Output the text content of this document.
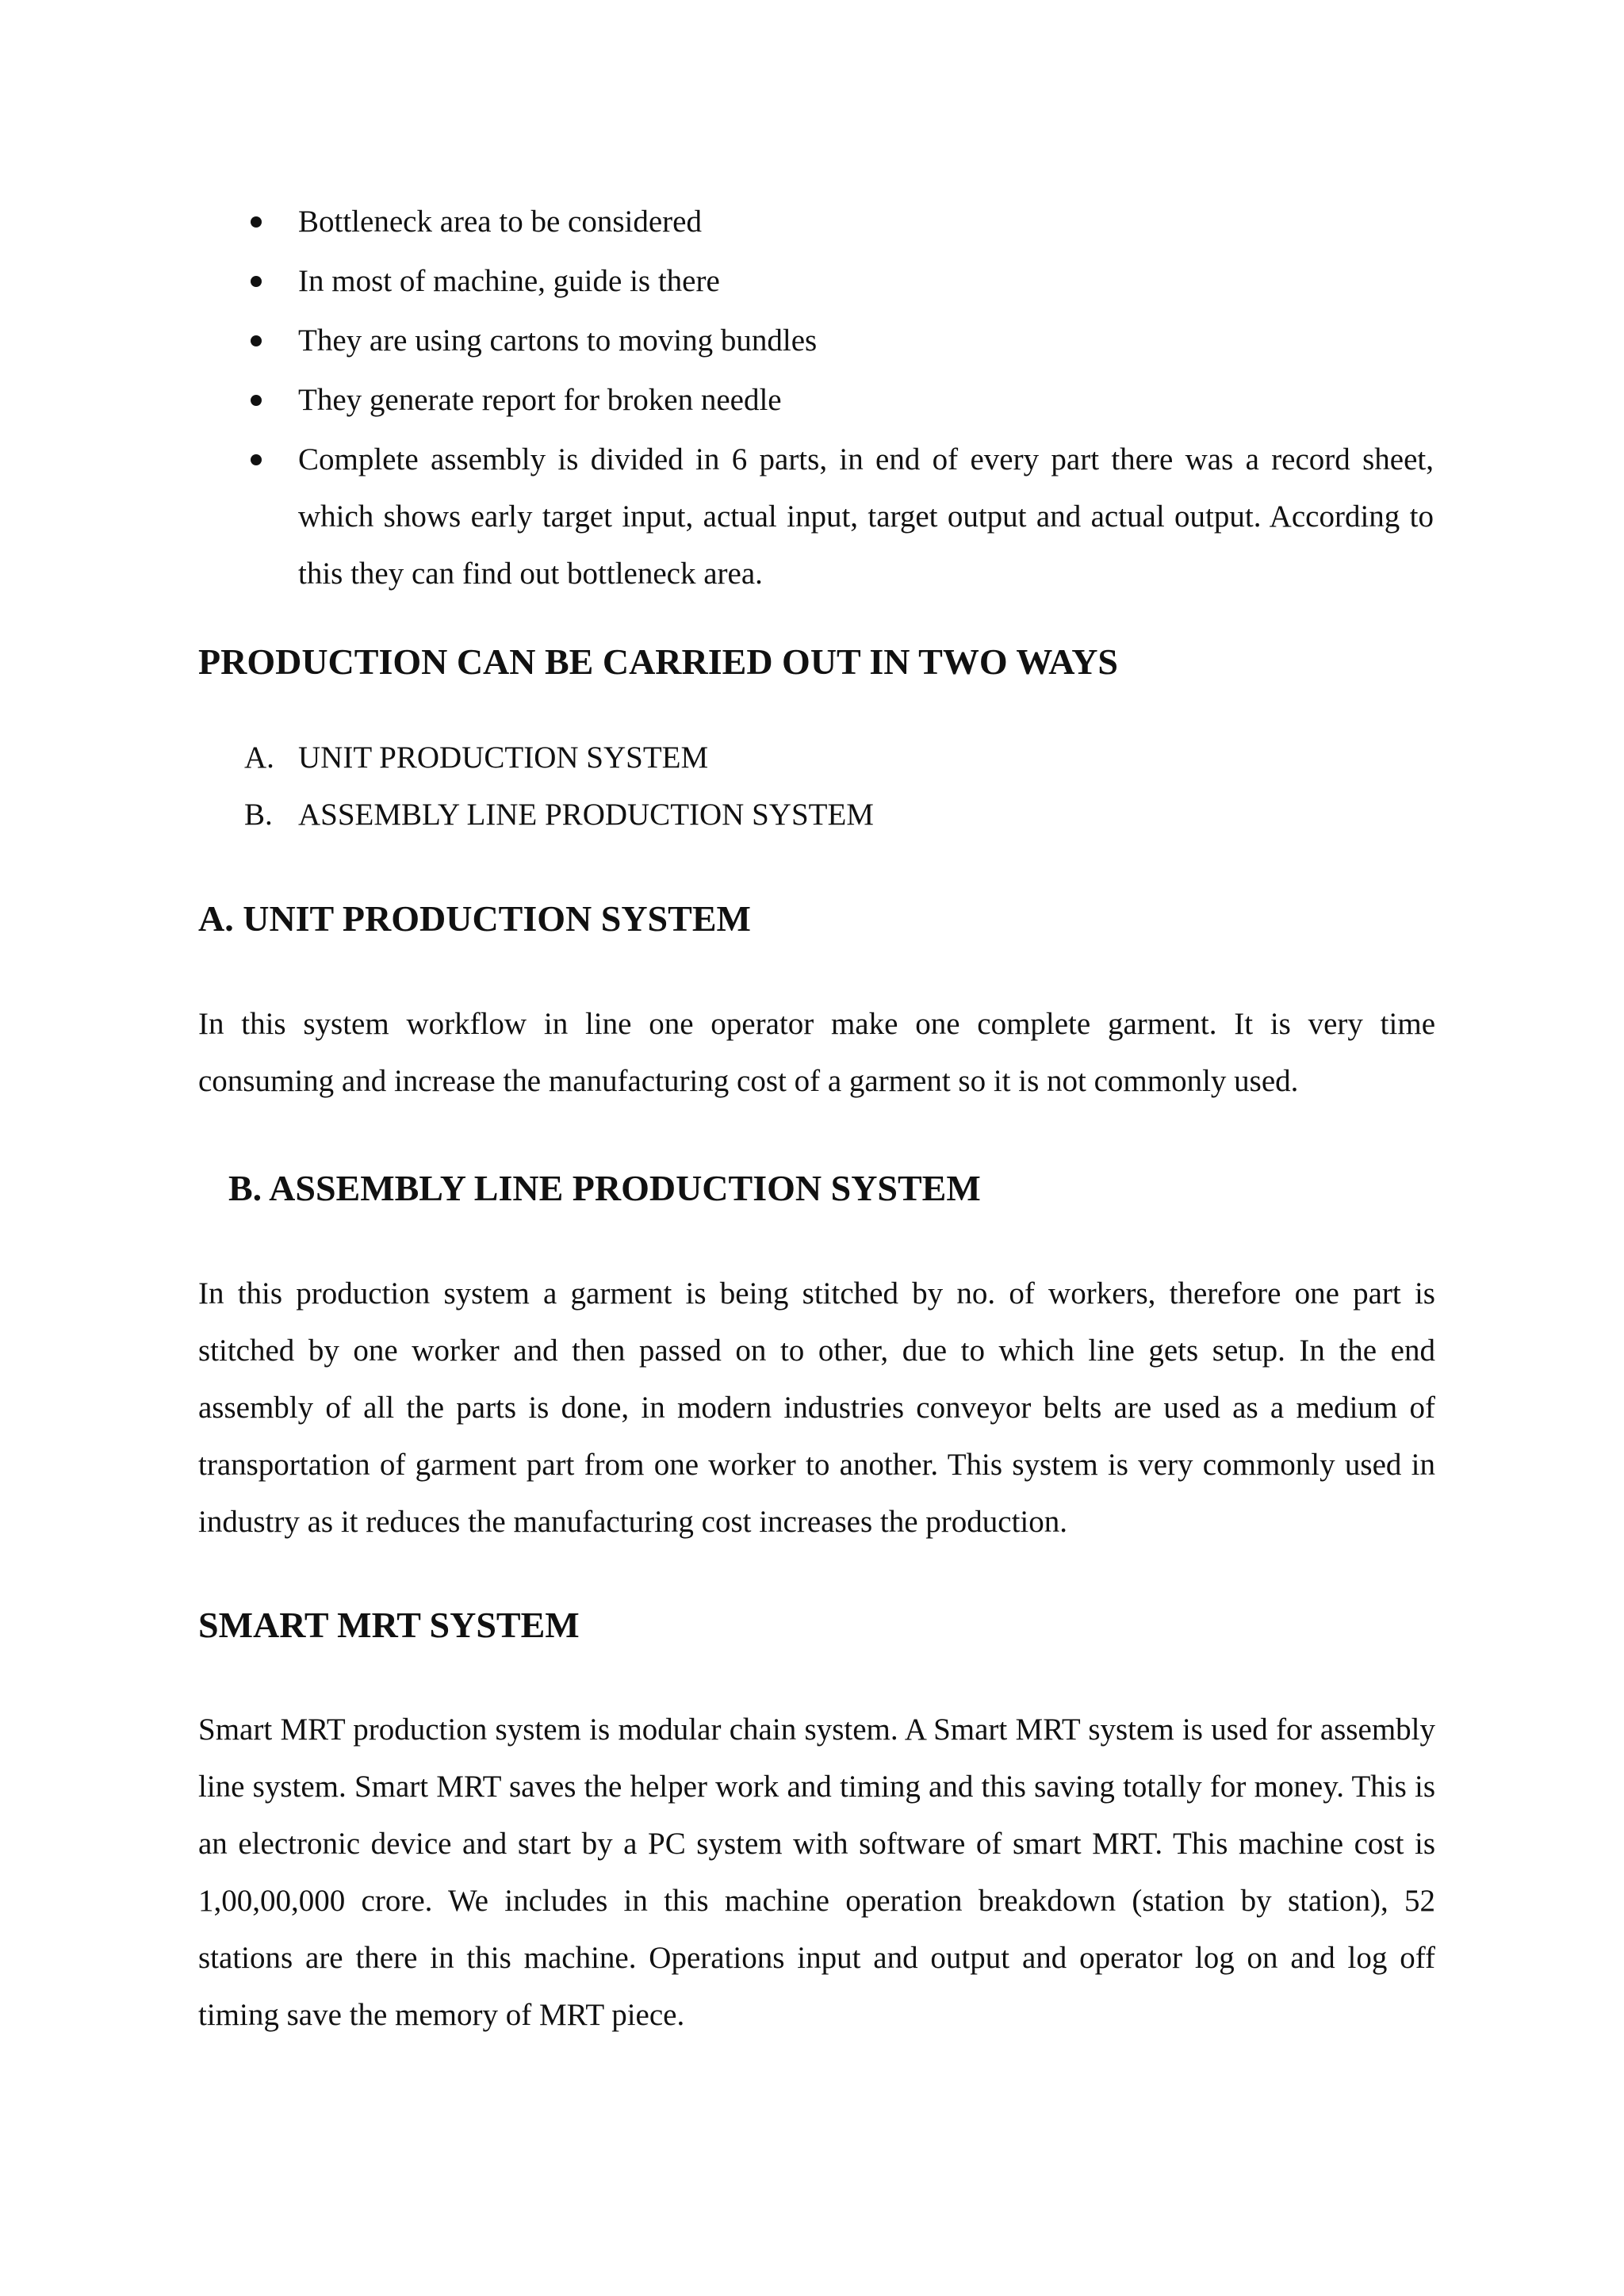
Bottleneck area to be considered
In most of machine, guide is there
They are using cartons to moving bundles
They generate report for broken needle
Complete assembly is divided in 6 parts, in end of every part there was a record sheet, which shows early target input, actual input, target output and actual output. According to this they can find out bottleneck area.
PRODUCTION CAN BE CARRIED OUT IN TWO WAYS
A. UNIT PRODUCTION SYSTEM
B. ASSEMBLY LINE PRODUCTION SYSTEM
A. UNIT PRODUCTION SYSTEM
In this system workflow in line one operator make one complete garment. It is very time consuming and increase the manufacturing cost of a garment so it is not commonly used.
B. ASSEMBLY LINE PRODUCTION SYSTEM
In this production system a garment is being stitched by no. of workers, therefore one part is stitched by one worker and then passed on to other, due to which line gets setup. In the end assembly of all the parts is done, in modern industries conveyor belts are used as a medium of transportation of garment part from one worker to another. This system is very commonly used in industry as it reduces the manufacturing cost increases the production.
SMART MRT SYSTEM
Smart MRT production system is modular chain system. A Smart MRT system is used for assembly line system. Smart MRT saves the helper work and timing and this saving totally for money. This is an electronic device and start by a PC system with software of smart MRT. This machine cost is 1,00,00,000 crore. We includes in this machine operation breakdown (station by station), 52 stations are there in this machine. Operations input and output and operator log on and log off timing save the memory of MRT piece.
